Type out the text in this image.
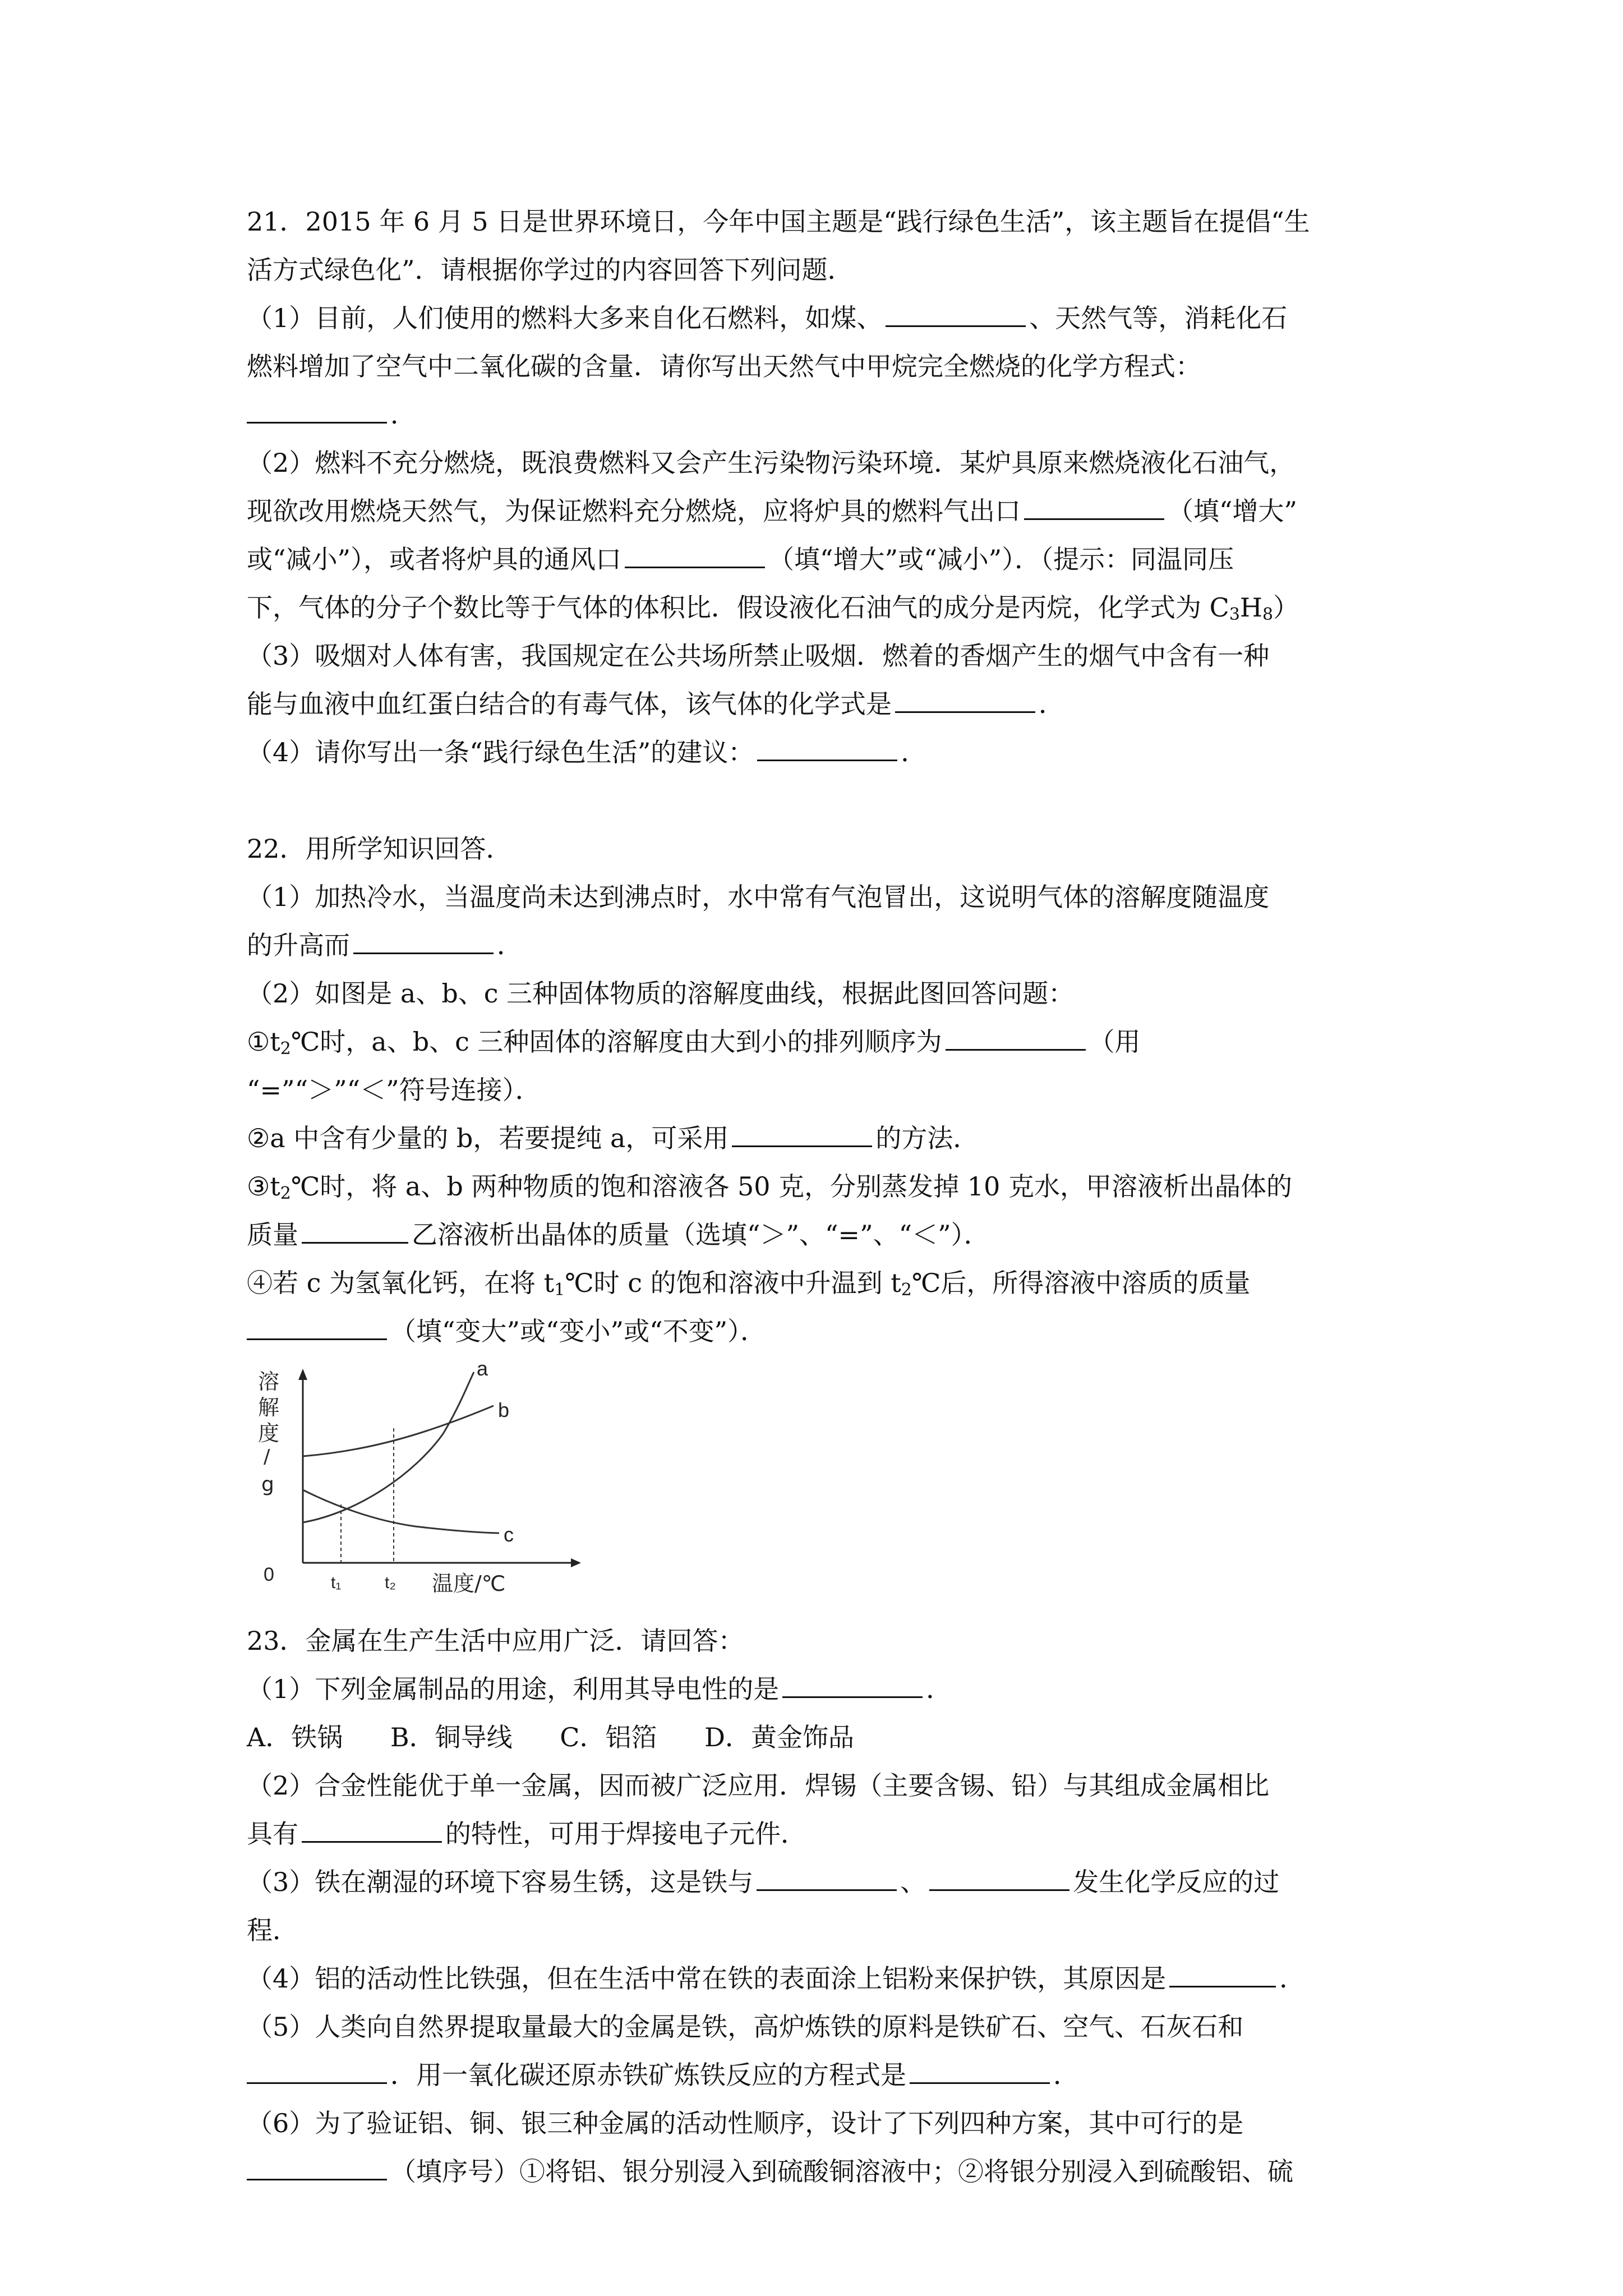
21．2015 年 6 月 5 日是世界环境日，今年中国主题是“践行绿色生活”，该主题旨在提倡“生
活方式绿色化”．请根据你学过的内容回答下列问题．
（1）目前，人们使用的燃料大多来自化石燃料，如煤、	、天然气等，消耗化石
燃料增加了空气中二氧化碳的含量．请你写出天然气中甲烷完全燃烧的化学方程式：
．
（2）燃料不充分燃烧，既浪费燃料又会产生污染物污染环境．某炉具原来燃烧液化石油气，
现欲改用燃烧天然气，为保证燃料充分燃烧，应将炉具的燃料气出口	（填“增大”
或“减小”），或者将炉具的通风口	（填“增大”或“减小”）．（提示：同温同压
下，气体的分子个数比等于气体的体积比．假设液化石油气的成分是丙烷，化学式为 $C_3H_8$）
（3）吸烟对人体有害，我国规定在公共场所禁止吸烟．燃着的香烟产生的烟气中含有一种
能与血液中血红蛋白结合的有毒气体，该气体的化学式是	．
（4）请你写出一条“践行绿色生活”的建议：	．
22．用所学知识回答．
（1）加热冷水，当温度尚未达到沸点时，水中常有气泡冒出，这说明气体的溶解度随温度
的升高而	．
（2）如图是 a、b、c 三种固体物质的溶解度曲线，根据此图回答问题：
$①t_2℃$时，a、b、c 三种固体的溶解度由大到小的排列顺序为	（用
“=”“＞”“＜”符号连接）．
②a 中含有少量的 b，若要提纯 a，可采用	的方法．
$③t_2℃$时，将 a、b 两种物质的饱和溶液各 50 克，分别蒸发掉 10 克水，甲溶液析出晶体的
质量	乙溶液析出晶体的质量（选填“＞”、“=”、“＜”）．
④若 c 为氢氧化钙，在将 $t_1℃$时 c 的饱和溶液中升温到 $t_2℃$后，所得溶液中溶质的质量
（填“变大”或“变小”或“不变”）．
a
b
c
0	t₁	t₂ 温度/℃
溶
解
度
/
g
23．金属在生产生活中应用广泛．请回答：
（1）下列金属制品的用途，利用其导电性的是	．
A．铁锅 B．铜导线 C．铝箔 D．黄金饰品
（2）合金性能优于单一金属，因而被广泛应用．焊锡（主要含锡、铅）与其组成金属相比
具有	的特性，可用于焊接电子元件．
（3）铁在潮湿的环境下容易生锈，这是铁与	、	发生化学反应的过
程．
（4）铝的活动性比铁强，但在生活中常在铁的表面涂上铝粉来保护铁，其原因是	．
（5）人类向自然界提取量最大的金属是铁，高炉炼铁的原料是铁矿石、空气、石灰石和
．用一氧化碳还原赤铁矿炼铁反应的方程式是	．
（6）为了验证铝、铜、银三种金属的活动性顺序，设计了下列四种方案，其中可行的是
（填序号）①将铝、银分别浸入到硫酸铜溶液中；②将银分别浸入到硫酸铝、硫
